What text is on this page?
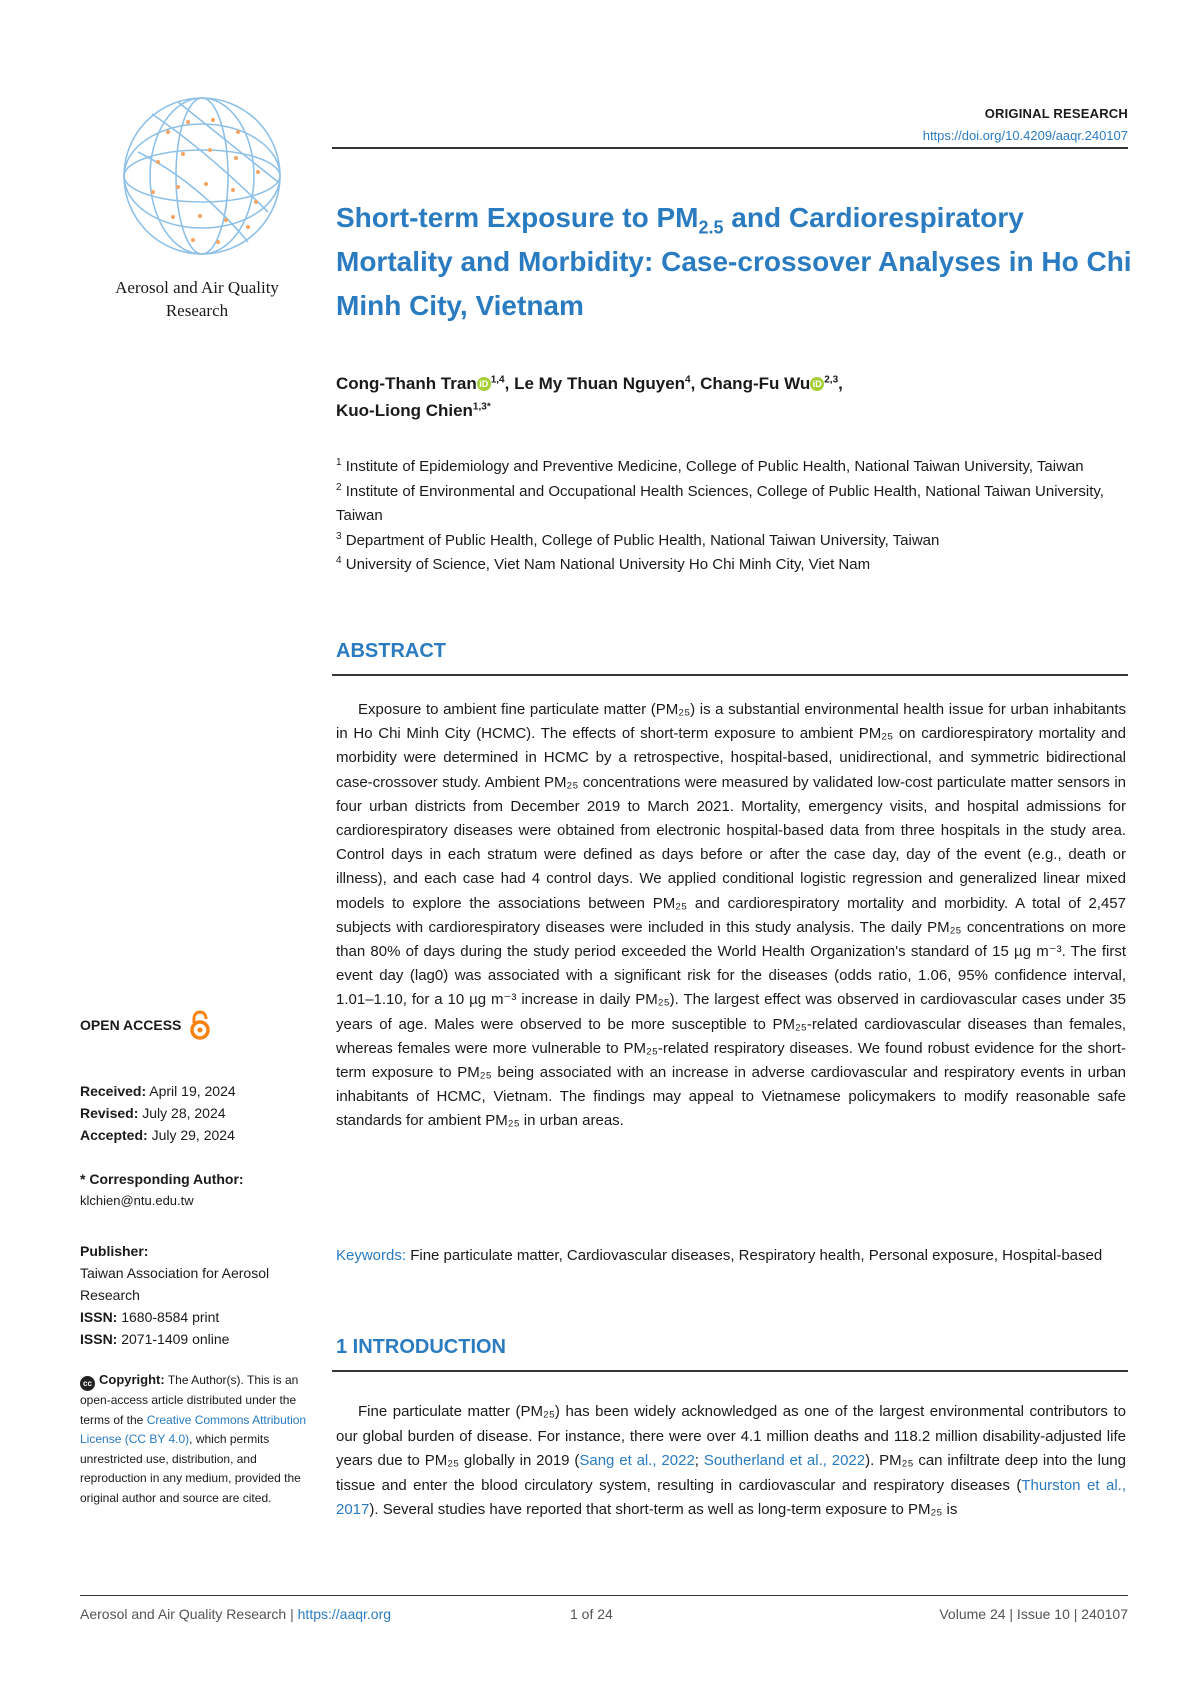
Aerosol and Air Quality
Research
ORIGINAL RESEARCH
https://doi.org/10.4209/aaqr.240107
Short-term Exposure to $PM_{2.5}$ and Cardiorespiratory Mortality and Morbidity: Case-crossover Analyses in Ho Chi Minh City, Vietnam
Cong-Thanh Tran iD $^{1,4}$, Le My Thuan Nguyen$^4$, Chang-Fu Wu iD $^{2,3}$,
Kuo-Liong Chien$^{1,3*}$

$^1$ Institute of Epidemiology and Preventive Medicine, College of Public Health, National Taiwan University, Taiwan

$^2$ Institute of Environmental and Occupational Health Sciences, College of Public Health, National Taiwan University, Taiwan

$^3$ Department of Public Health, College of Public Health, National Taiwan University, Taiwan

$^4$ University of Science, Viet Nam National University Ho Chi Minh City, Viet Nam

ABSTRACT

Exposure to ambient fine particulate matter (PM₂₅) is a substantial environmental health issue for urban inhabitants in Ho Chi Minh City (HCMC). The effects of short-term exposure to ambient PM₂₅ on cardiorespiratory mortality and morbidity were determined in HCMC by a retrospective, hospital-based, unidirectional, and symmetric bidirectional case-crossover study. Ambient PM₂₅ concentrations were measured by validated low-cost particulate matter sensors in four urban districts from December 2019 to March 2021. Mortality, emergency visits, and hospital admissions for cardiorespiratory diseases were obtained from electronic hospital-based data from three hospitals in the study area. Control days in each stratum were defined as days before or after the case day, day of the event (e.g., death or illness), and each case had 4 control days. We applied conditional logistic regression and generalized linear mixed models to explore the associations between PM₂₅ and cardiorespiratory mortality and morbidity. A total of 2,457 subjects with cardiorespiratory diseases were included in this study analysis. The daily PM₂₅ concentrations on more than 80% of days during the study period exceeded the World Health Organization's standard of 15 µg m⁻³. The first event day (lag0) was associated with a significant risk for the diseases (odds ratio, 1.06, 95% confidence interval, 1.01–1.10, for a 10 µg m⁻³ increase in daily PM₂₅). The largest effect was observed in cardiovascular cases under 35 years of age. Males were observed to be more susceptible to PM₂₅-related cardiovascular diseases than females, whereas females were more vulnerable to PM₂₅-related respiratory diseases. We found robust evidence for the short-term exposure to PM₂₅ being associated with an increase in adverse cardiovascular and respiratory events in urban inhabitants of HCMC, Vietnam. The findings may appeal to Vietnamese policymakers to modify reasonable safe standards for ambient PM₂₅ in urban areas.

Keywords: Fine particulate matter, Cardiovascular diseases, Respiratory health, Personal exposure, Hospital-based
1 INTRODUCTION

Fine particulate matter (PM₂₅) has been widely acknowledged as one of the largest environmental contributors to our global burden of disease. For instance, there were over 4.1 million deaths and 118.2 million disability-adjusted life years due to PM₂₅ globally in 2019 (Sang et al., 2022; Southerland et al., 2022). PM₂₅ can infiltrate deep into the lung tissue and enter the blood circulatory system, resulting in cardiovascular and respiratory diseases (Thurston et al., 2017). Several studies have reported that short-term as well as long-term exposure to PM₂₅ is

OPEN ACCESS
Received: April 19, 2024
Revised: July 28, 2024
Accepted: July 29, 2024
* Corresponding Author:
klchien@ntu.edu.tw
Publisher:
Taiwan Association for Aerosol Research
ISSN: 1680-8584 print
ISSN: 2071-1409 online
cc Copyright: The Author(s). This is an open-access article distributed under the terms of the Creative Commons Attribution License (CC BY 4.0), which permits unrestricted use, distribution, and reproduction in any medium, provided the original author and source are cited.
Aerosol and Air Quality Research | https://aaqr.org	1 of 24	Volume 24 | Issue 10 | 240107
